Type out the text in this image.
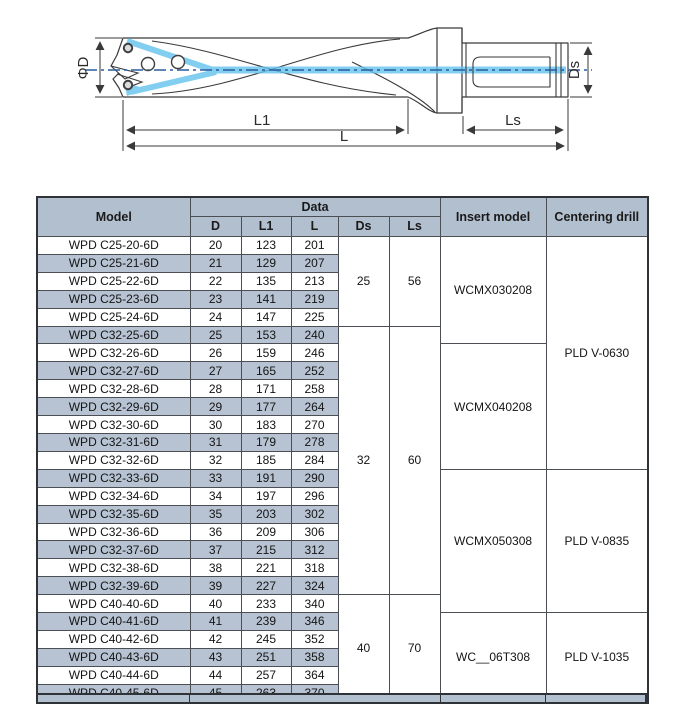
ΦD	Ds
L1	Ls
L
Model	Data					Insert model	Centering drill
	D	L1	L	Ds	Ls		
WPD C25-20-6D	20	123	201	25	56	WCMX030208	PLD V-0630
WPD C25-21-6D	21	129	207				
WPD C25-22-6D	22	135	213				
WPD C25-23-6D	23	141	219				
WPD C25-24-6D	24	147	225				
WPD C32-25-6D	25	153	240	32	60		
WPD C32-26-6D	26	159	246			WCMX040208	
WPD C32-27-6D	27	165	252				
WPD C32-28-6D	28	171	258				
WPD C32-29-6D	29	177	264				
WPD C32-30-6D	30	183	270				
WPD C32-31-6D	31	179	278				
WPD C32-32-6D	32	185	284				
WPD C32-33-6D	33	191	290			WCMX050308	PLD V-0835
WPD C32-34-6D	34	197	296				
WPD C32-35-6D	35	203	302				
WPD C32-36-6D	36	209	306				
WPD C32-37-6D	37	215	312				
WPD C32-38-6D	38	221	318				
WPD C32-39-6D	39	227	324				
WPD C40-40-6D	40	233	340	40	70		
WPD C40-41-6D	41	239	346			WC__06T308	PLD V-1035
WPD C40-42-6D	42	245	352				
WPD C40-43-6D	43	251	358				
WPD C40-44-6D	44	257	364				
